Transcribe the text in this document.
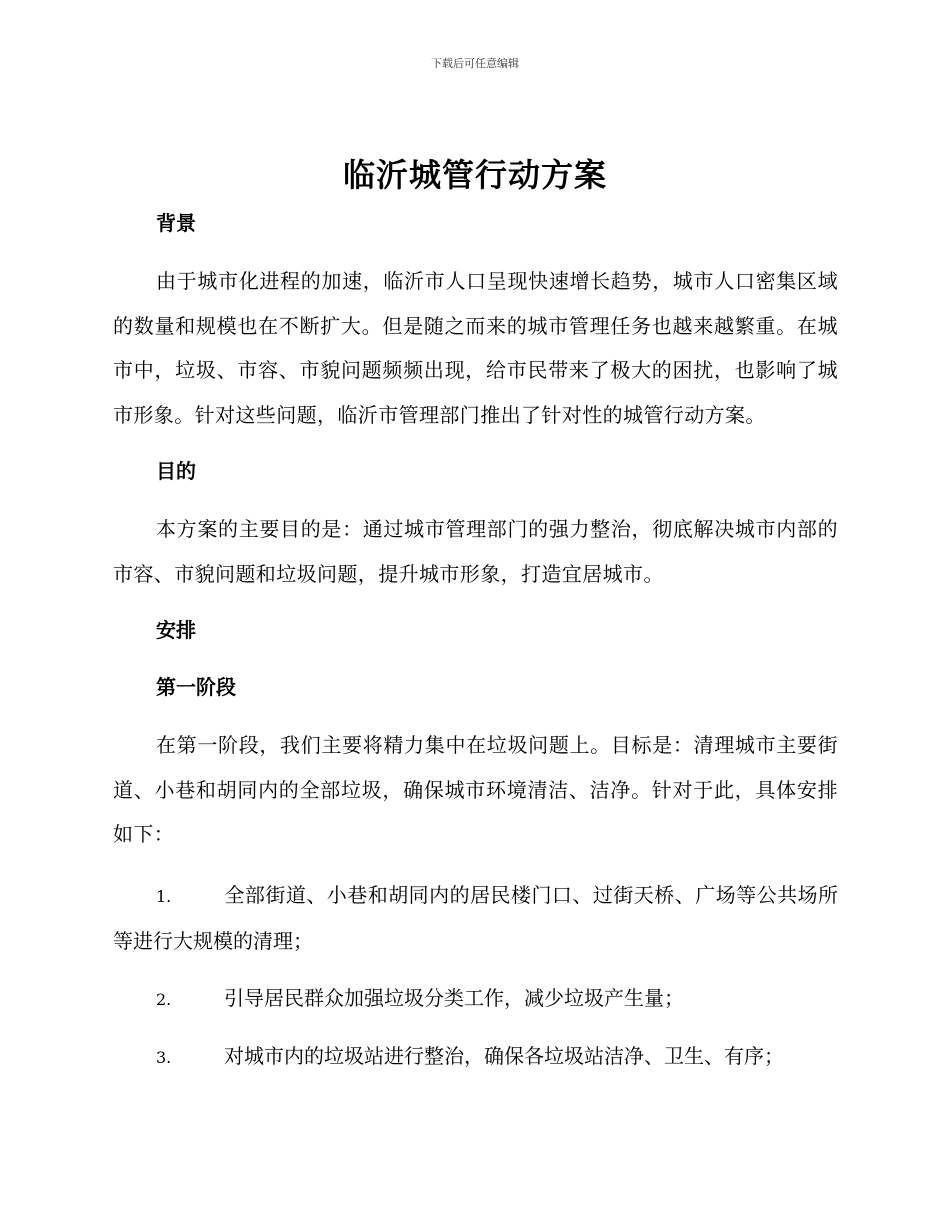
下载后可任意编辑
临沂城管行动方案

背景

由于城市化进程的加速，临沂市人口呈现快速增长趋势，城市人口密集区域的数量和规模也在不断扩大。但是随之而来的城市管理任务也越来越繁重。在城市中，垃圾、市容、市貌问题频频出现，给市民带来了极大的困扰，也影响了城市形象。针对这些问题，临沂市管理部门推出了针对性的城管行动方案。

目的

本方案的主要目的是：通过城市管理部门的强力整治，彻底解决城市内部的市容、市貌问题和垃圾问题，提升城市形象，打造宜居城市。

安排

第一阶段

在第一阶段，我们主要将精力集中在垃圾问题上。目标是：清理城市主要街道、小巷和胡同内的全部垃圾，确保城市环境清洁、洁净。针对于此，具体安排如下：

1.	全部街道、小巷和胡同内的居民楼门口、过街天桥、广场等公共场所等进行大规模的清理；

2.	引导居民群众加强垃圾分类工作，减少垃圾产生量；

3.	对城市内的垃圾站进行整治，确保各垃圾站洁净、卫生、有序；
